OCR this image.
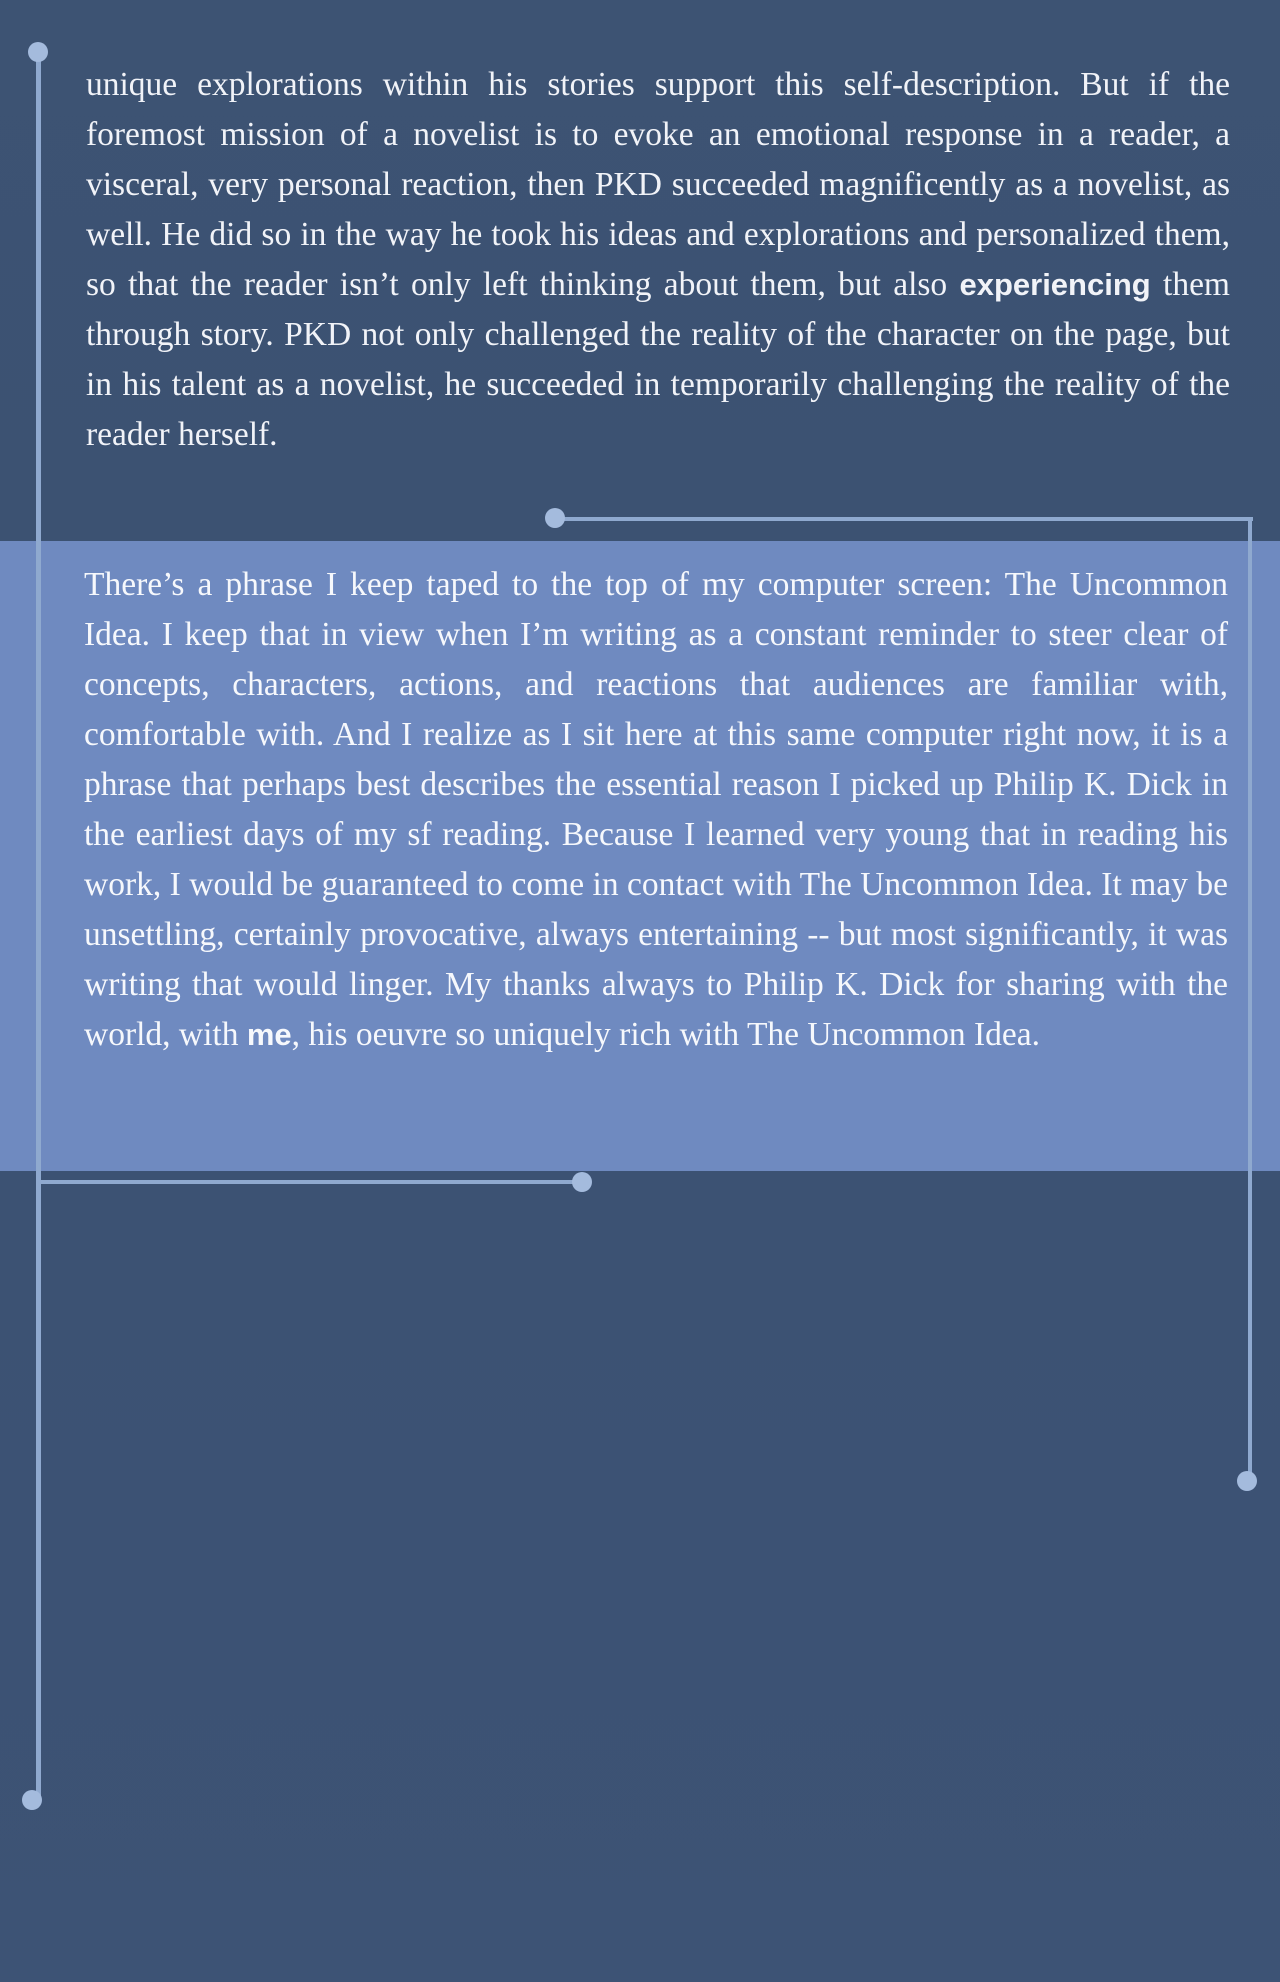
unique explorations within his stories support this self-description. But if the foremost mission of a novelist is to evoke an emotional response in a reader, a visceral, very personal reaction, then PKD succeeded magnificently as a novelist, as well. He did so in the way he took his ideas and explorations and personalized them, so that the reader isn’t only left thinking about them, but also experiencing them through story. PKD not only challenged the reality of the character on the page, but in his talent as a novelist, he succeeded in temporarily challenging the reality of the reader herself.

There’s a phrase I keep taped to the top of my computer screen: The Uncommon Idea. I keep that in view when I’m writing as a constant reminder to steer clear of concepts, characters, actions, and reactions that audiences are familiar with, comfortable with. And I realize as I sit here at this same computer right now, it is a phrase that perhaps best describes the essential reason I picked up Philip K. Dick in the earliest days of my sf reading. Because I learned very young that in reading his work, I would be guaranteed to come in contact with The Uncommon Idea. It may be unsettling, certainly provocative, always entertaining -- but most significantly, it was writing that would linger. My thanks always to Philip K. Dick for sharing with the world, with me, his oeuvre so uniquely rich with The Uncommon Idea.
